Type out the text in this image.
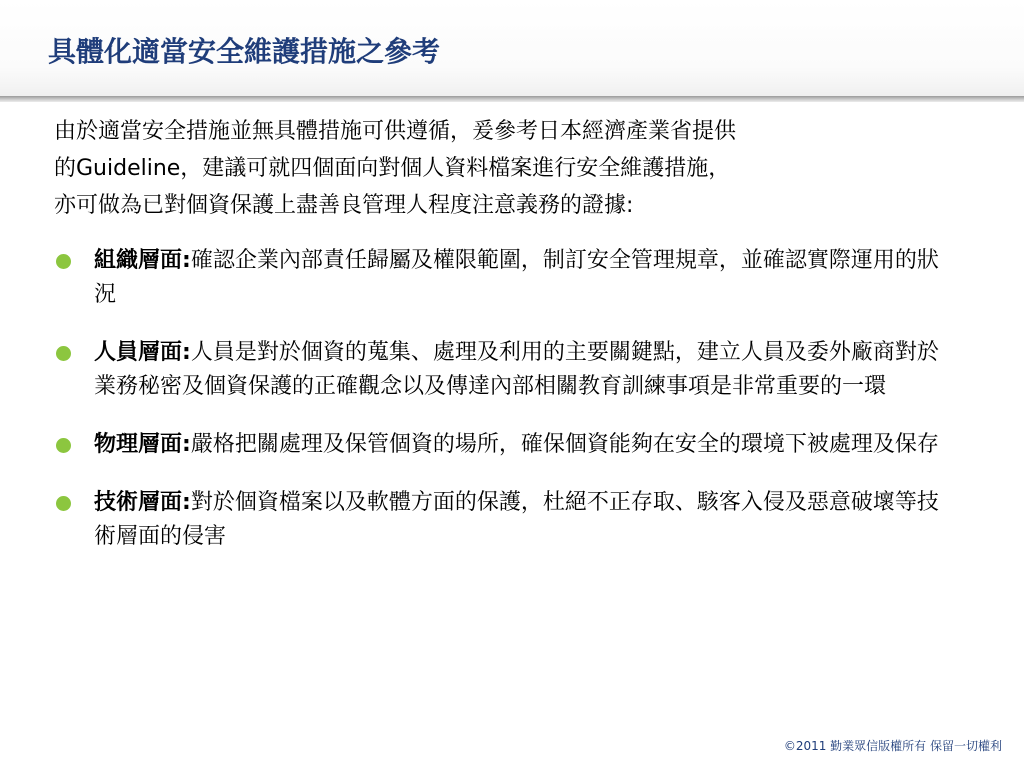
具體化適當安全維護措施之參考

由於適當安全措施並無具體措施可供遵循，爰參考日本經濟產業省提供
的Guideline，建議可就四個面向對個人資料檔案進行安全維護措施，
亦可做為已對個資保護上盡善良管理人程度注意義務的證據:

組織層面:確認企業內部責任歸屬及權限範圍，制訂安全管理規章，並確認實際運用的狀況
人員層面:人員是對於個資的蒐集、處理及利用的主要關鍵點，建立人員及委外廠商對於業務秘密及個資保護的正確觀念以及傳達內部相關教育訓練事項是非常重要的一環
物理層面:嚴格把關處理及保管個資的場所，確保個資能夠在安全的環境下被處理及保存
技術層面:對於個資檔案以及軟體方面的保護，杜絕不正存取、駭客入侵及惡意破壞等技術層面的侵害
©2011 勤業眾信版權所有 保留一切權利
